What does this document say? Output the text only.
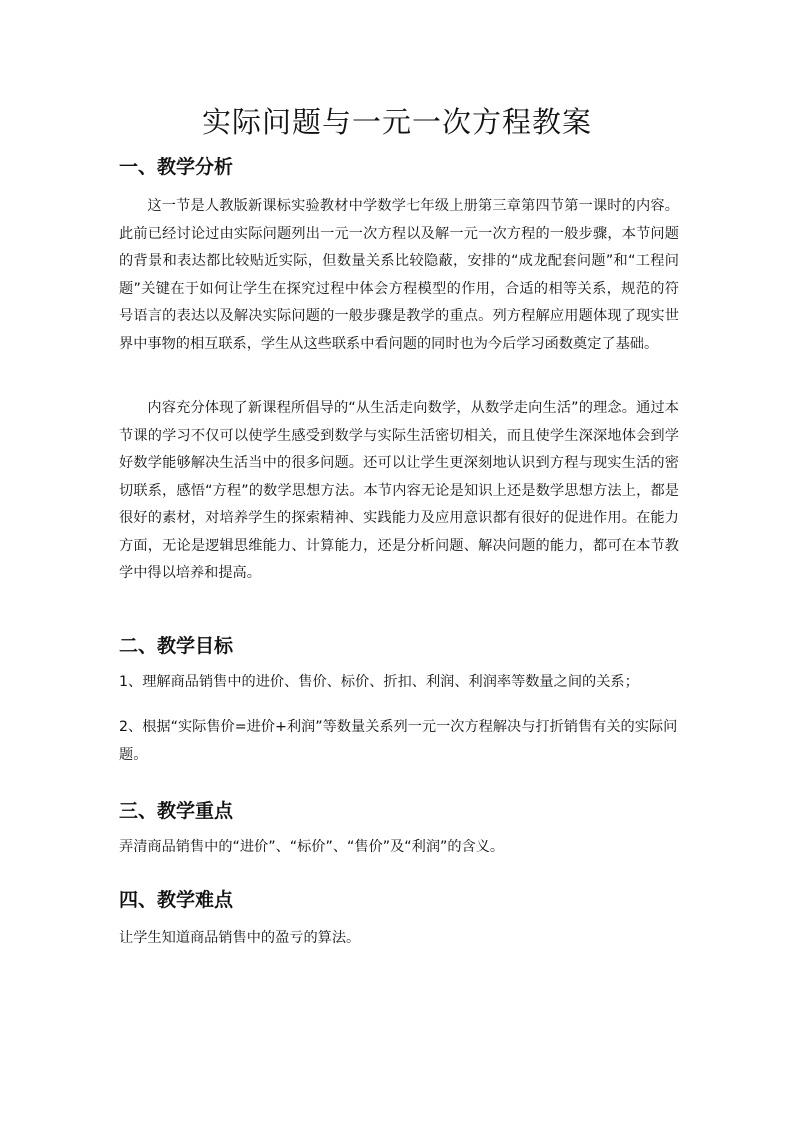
实际问题与一元一次方程教案
一、教学分析

这一节是人教版新课标实验教材中学数学七年级上册第三章第四节第一课时的内容。此前已经讨论过由实际问题列出一元一次方程以及解一元一次方程的一般步骤，本节问题的背景和表达都比较贴近实际，但数量关系比较隐蔽，安排的“成龙配套问题”和“工程问题”关键在于如何让学生在探究过程中体会方程模型的作用，合适的相等关系，规范的符号语言的表达以及解决实际问题的一般步骤是教学的重点。列方程解应用题体现了现实世界中事物的相互联系，学生从这些联系中看问题的同时也为今后学习函数奠定了基础。

内容充分体现了新课程所倡导的“从生活走向数学，从数学走向生活”的理念。通过本节课的学习不仅可以使学生感受到数学与实际生活密切相关，而且使学生深深地体会到学好数学能够解决生活当中的很多问题。还可以让学生更深刻地认识到方程与现实生活的密切联系，感悟“方程”的数学思想方法。本节内容无论是知识上还是数学思想方法上，都是很好的素材，对培养学生的探索精神、实践能力及应用意识都有很好的促进作用。在能力方面，无论是逻辑思维能力、计算能力，还是分析问题、解决问题的能力，都可在本节教学中得以培养和提高。

二、教学目标

1、理解商品销售中的进价、售价、标价、折扣、利润、利润率等数量之间的关系；

2、根据“实际售价=进价+利润”等数量关系列一元一次方程解决与打折销售有关的实际问题。

三、教学重点

弄清商品销售中的“进价”、“标价”、“售价”及“利润”的含义。

四、教学难点

让学生知道商品销售中的盈亏的算法。
